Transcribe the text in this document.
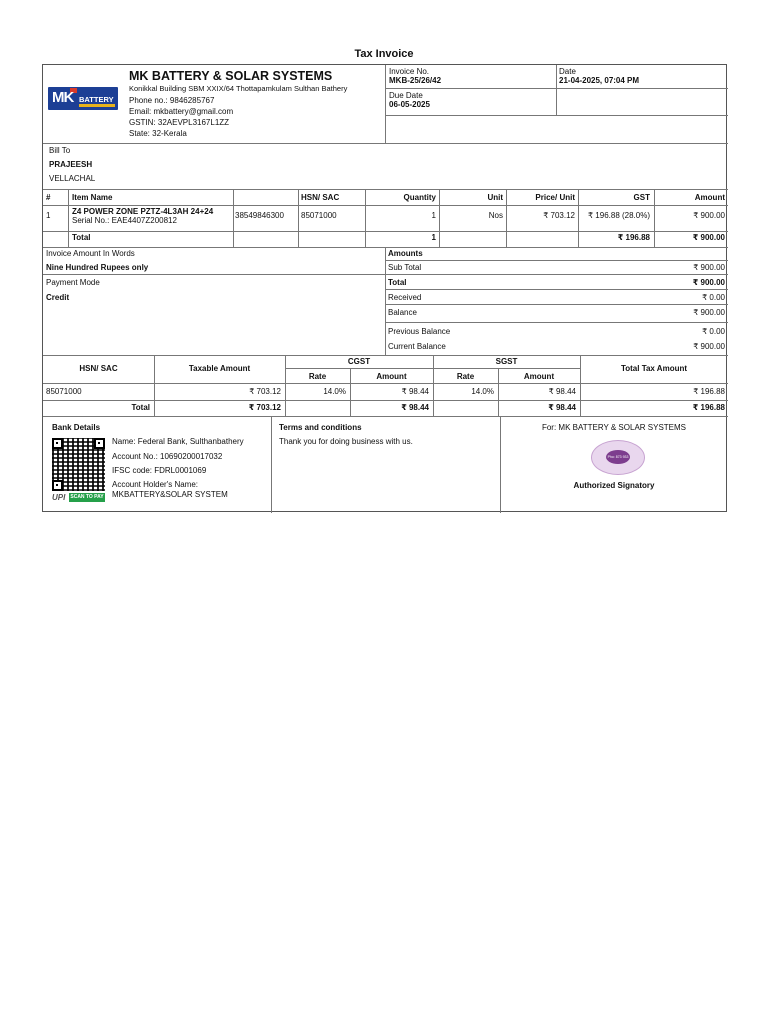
Tax Invoice
MK BATTERY
MK BATTERY & SOLAR SYSTEMS
Konikkal Building SBM XXIX/64 Thottapamkulam Sulthan Bathery
Phone no.: 9846285767
Email: mkbattery@gmail.com
GSTIN: 32AEVPL3167L1ZZ
State: 32-Kerala
Invoice No.
MKB-25/26/42
Date
21-04-2025, 07:04 PM
Due Date
06-05-2025
Bill To
PRAJEESH
VELLACHAL
#	Item Name	HSN/ SAC	Quantity	Unit	Price/ Unit	GST	Amount
1	Z4 POWER ZONE PZTZ-4L3AH 24+24
Serial No.: EAE4407Z200812
38549846300 85071000	1	Nos	₹ 703.12	₹ 196.88 (28.0%)	₹ 900.00
Total	1	₹ 196.88	₹ 900.00
Invoice Amount In Words
Nine Hundred Rupees only
Payment Mode
Credit
Amounts
Sub Total	₹ 900.00
Total	₹ 900.00
Received	₹ 0.00
Balance	₹ 900.00
Previous Balance	₹ 0.00
Current Balance	₹ 900.00
HSN/ SAC	Taxable Amount
CGST	SGST
Rate	Amount	Rate	Amount
Total Tax Amount
85071000	₹ 703.12	14.0%	₹ 98.44	14.0%	₹ 98.44	₹ 196.88
Total	₹ 703.12	₹ 98.44	₹ 98.44	₹ 196.88
Bank Details
UPI SCAN TO PAY
Name: Federal Bank, Sulthanbathery
Account No.: 10690200017032
IFSC code: FDRL0001069
Account Holder's Name:
MKBATTERY&SOLAR SYSTEM
Terms and conditions
Thank you for doing business with us.
For: MK BATTERY & SOLAR SYSTEMS
Pho: 873 933
Authorized Signatory
